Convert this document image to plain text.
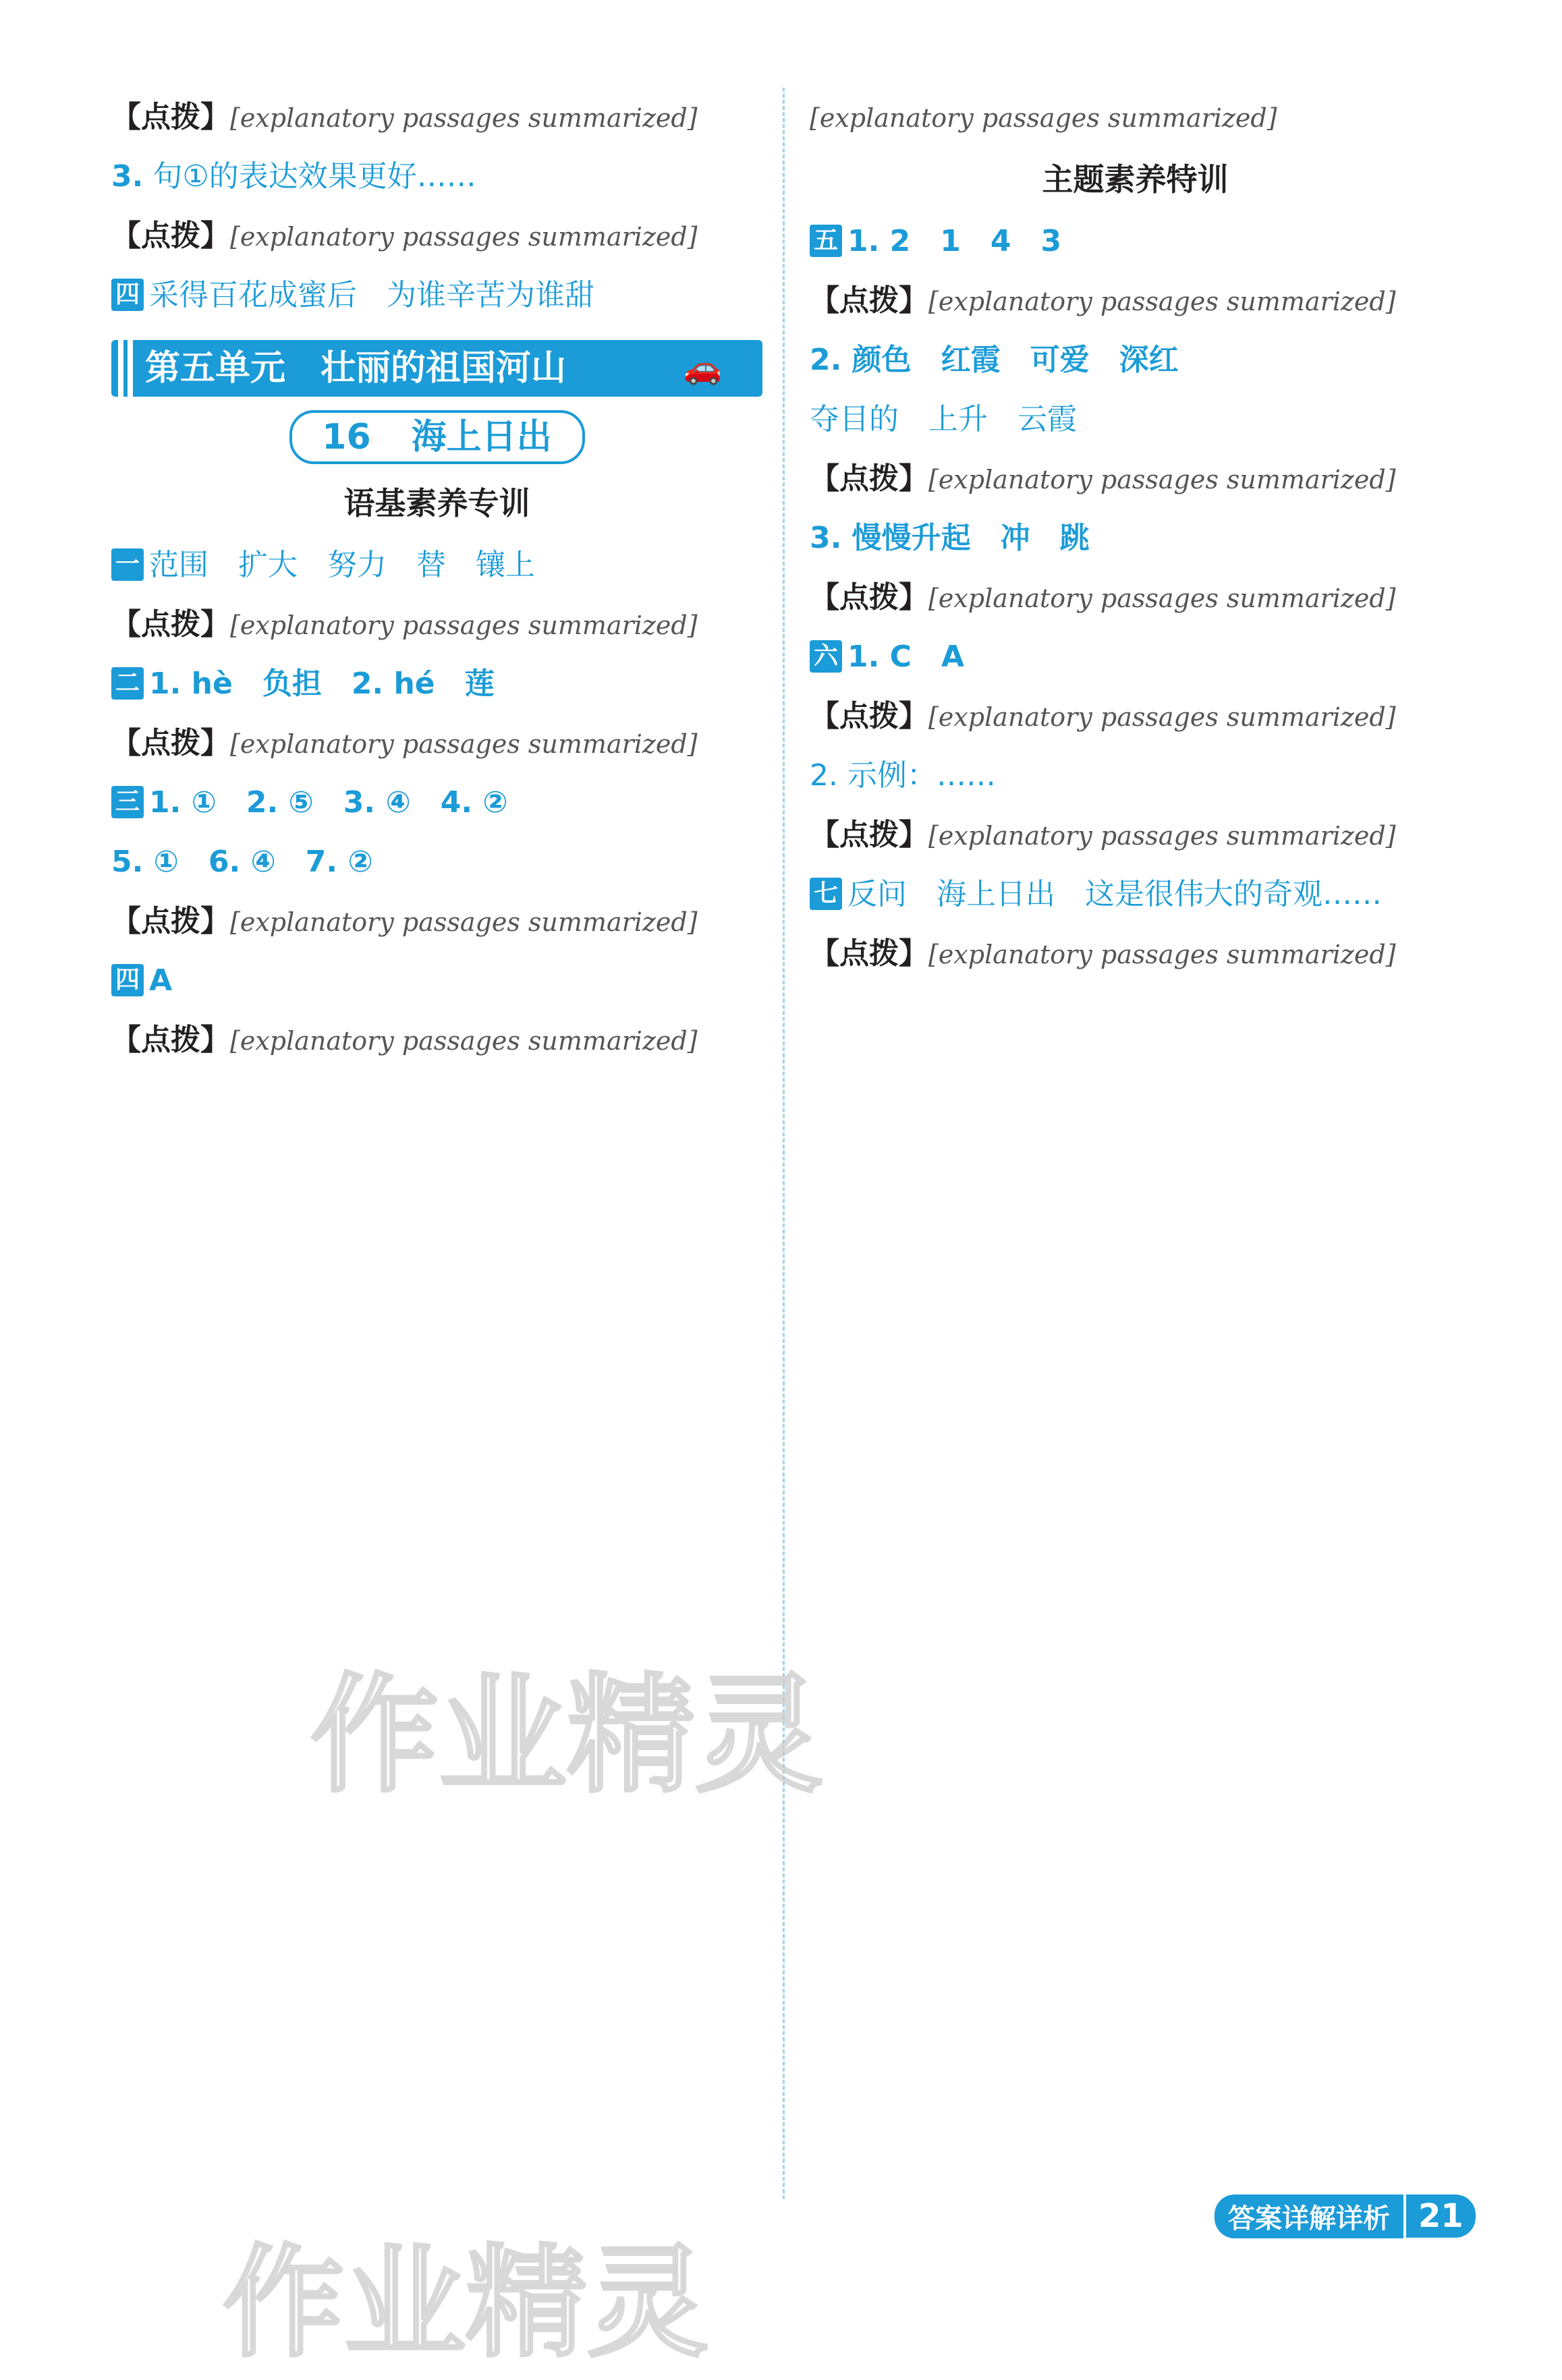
【点拨】[explanatory passages summarized]

3. 句①的表达效果更好……

【点拨】[explanatory passages summarized]

四 采得百花成蜜后　为谁辛苦为谁甜

第五单元　壮丽的祖国河山	🚗
16 海上日出

语基素养专训

一 范围　扩大　努力　替　镶上

【点拨】[explanatory passages summarized]

二 1. hè　负担　2. hé　莲

【点拨】[explanatory passages summarized]

三 1. ①　2. ⑤　3. ④　4. ②

5. ①　6. ④　7. ②

【点拨】[explanatory passages summarized]

四 A

【点拨】[explanatory passages summarized]

[explanatory passages summarized]

主题素养特训

五 1. 2　1　4　3

【点拨】[explanatory passages summarized]

2. 颜色　红霞　可爱　深红

夺目的　上升　云霞

【点拨】[explanatory passages summarized]

3. 慢慢升起　冲　跳

【点拨】[explanatory passages summarized]

六 1. C　A

【点拨】[explanatory passages summarized]

2. 示例：……

【点拨】[explanatory passages summarized]

七 反问　海上日出　这是很伟大的奇观……

【点拨】[explanatory passages summarized]

答案详解详析 21
作业精灵
作业精灵
